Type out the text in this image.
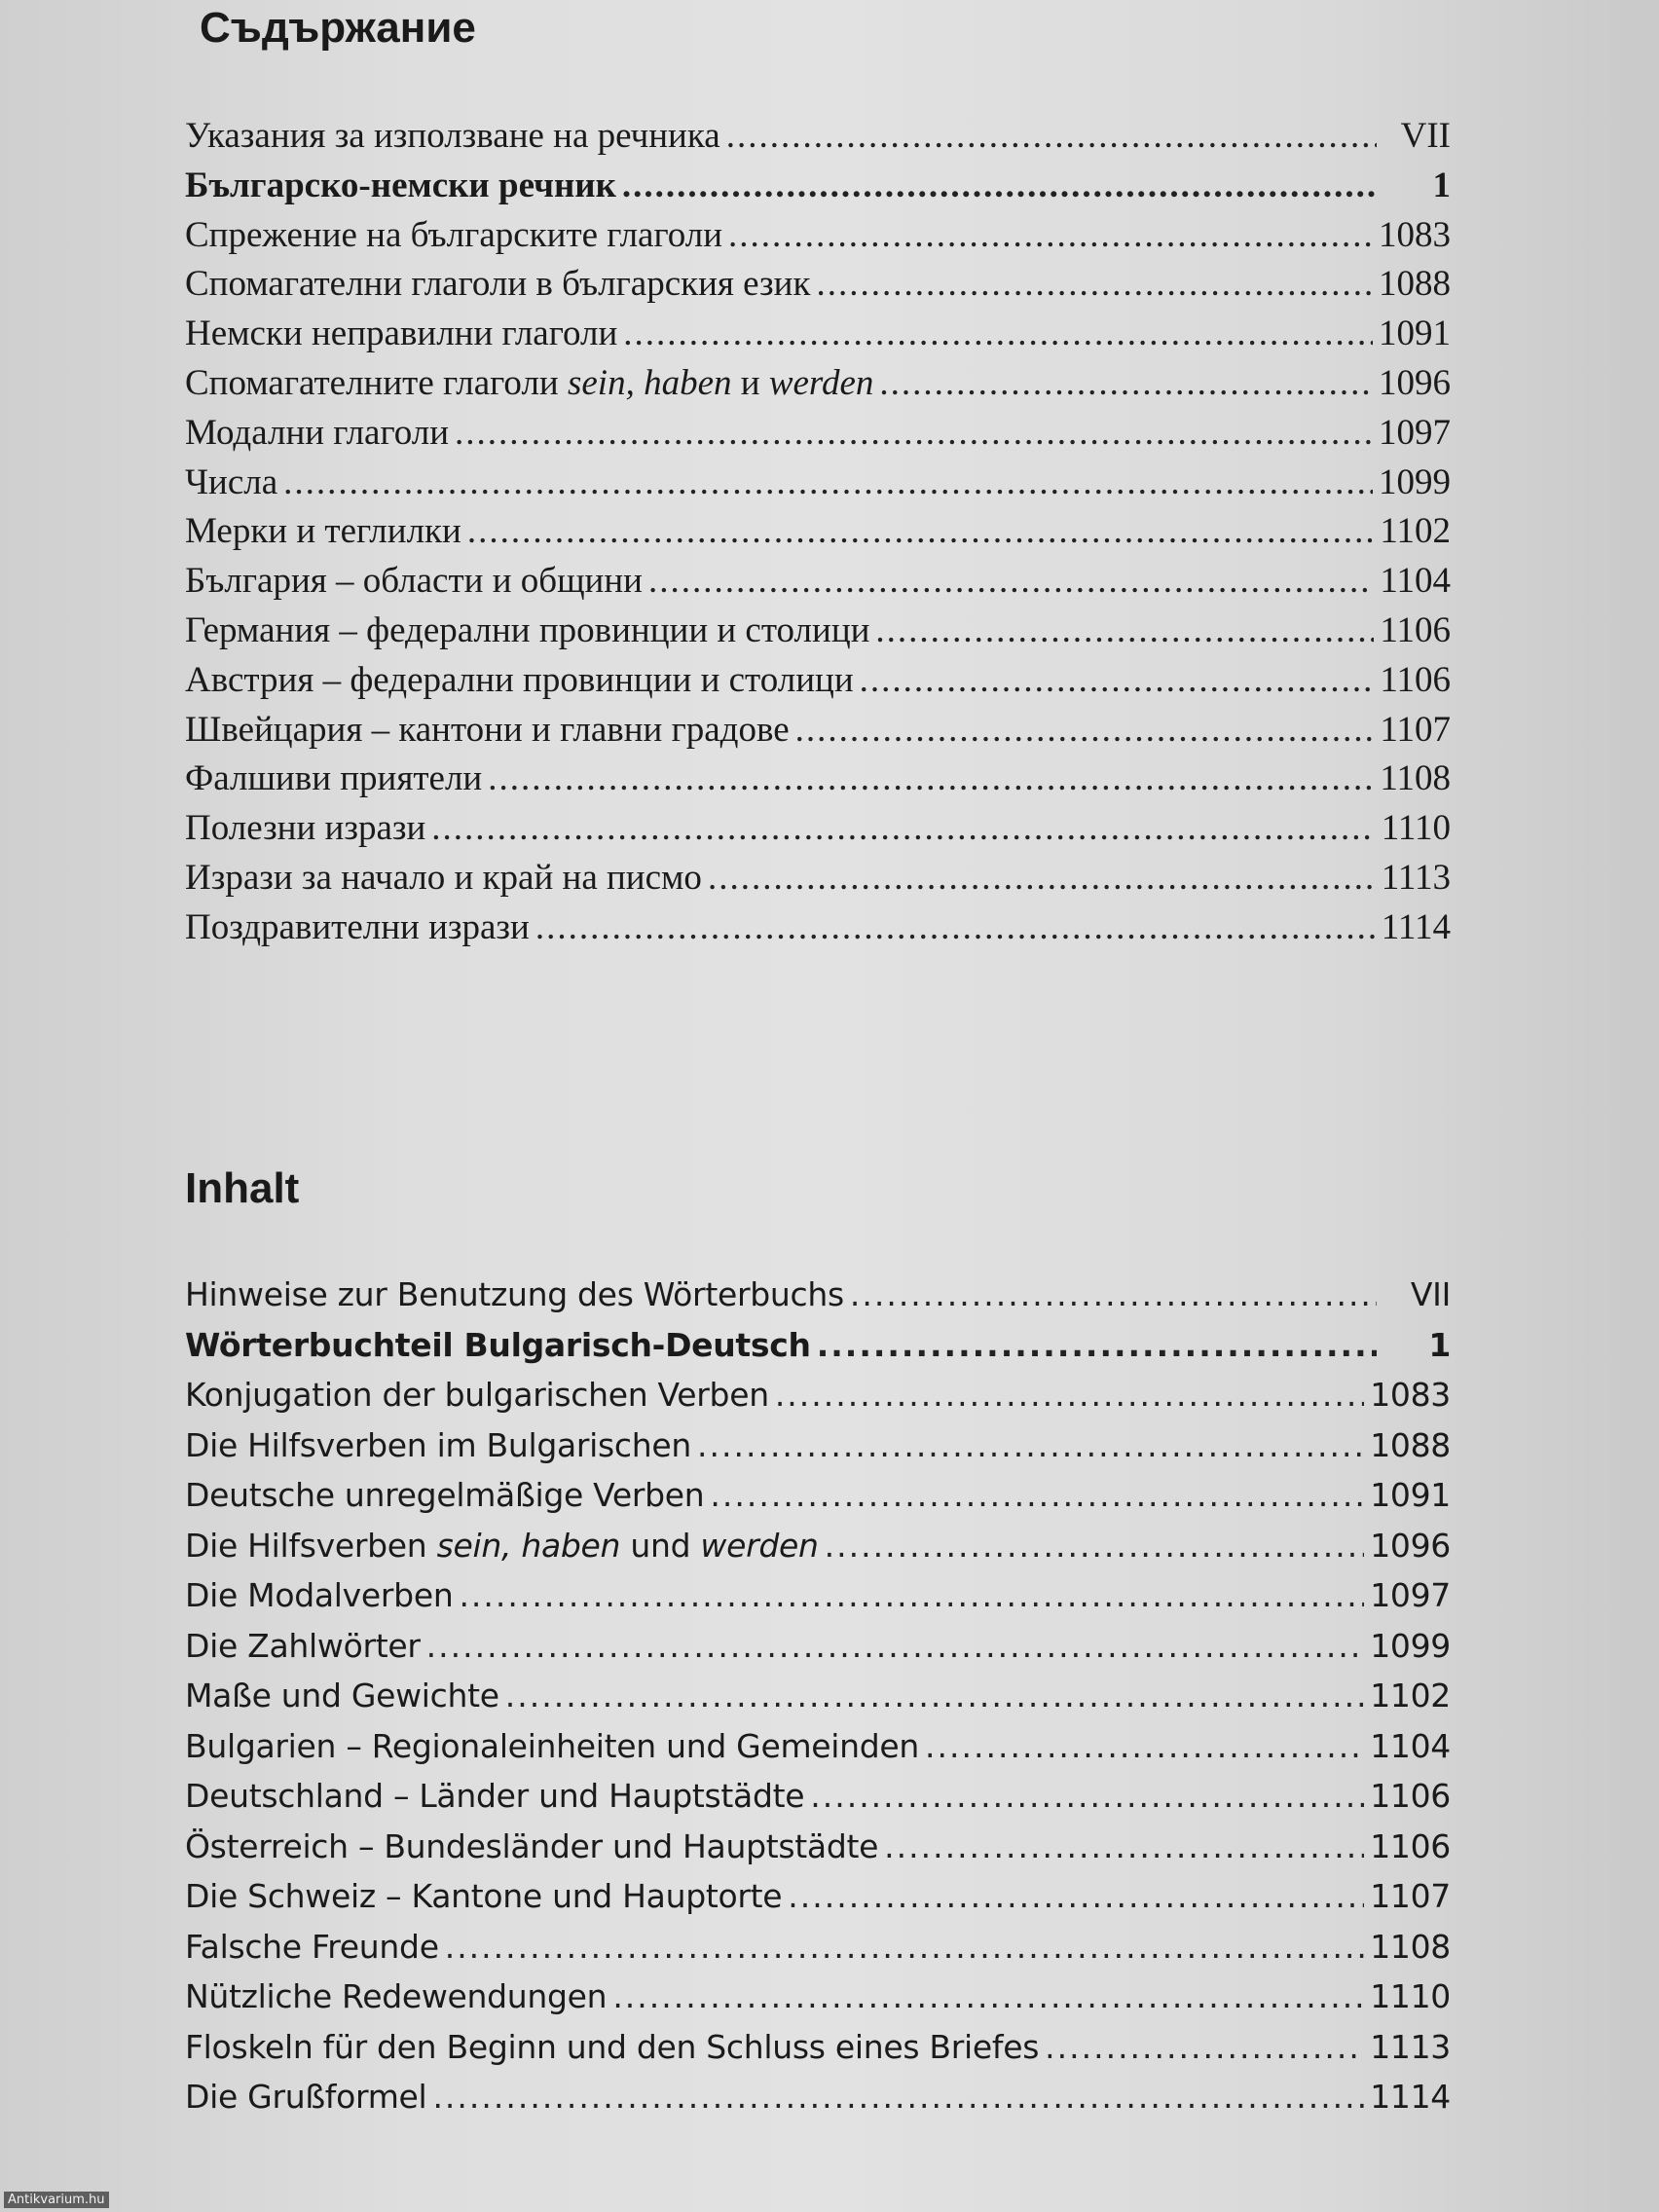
Съдържание
Указания за използване на речника .....	VII
Българско-немски речник .....	1
Спрежение на българските глаголи .....	1083
Спомагателни глаголи в българския език .....	1088
Немски неправилни глаголи .....	1091
Спомагателните глаголи sein, haben и werden .....	1096
Модални глаголи .....	1097
Числа .....	1099
Мерки и теглилки .....	1102
България – области и общини .....	1104
Германия – федерални провинции и столици .....	1106
Австрия – федерални провинции и столици .....	1106
Швейцария – кантони и главни градове .....	1107
Фалшиви приятели .....	1108
Полезни изрази .....	1110
Изрази за начало и край на писмо .....	1113
Поздравителни изрази .....	1114
Inhalt
Hinweise zur Benutzung des Wörterbuchs .....	VII
Wörterbuchteil Bulgarisch-Deutsch .....	1
Konjugation der bulgarischen Verben .....	1083
Die Hilfsverben im Bulgarischen .....	1088
Deutsche unregelmäßige Verben .....	1091
Die Hilfsverben sein, haben und werden .....	1096
Die Modalverben .....	1097
Die Zahlwörter .....	1099
Maße und Gewichte .....	1102
Bulgarien – Regionaleinheiten und Gemeinden .....	1104
Deutschland – Länder und Hauptstädte .....	1106
Österreich – Bundesländer und Hauptstädte .....	1106
Die Schweiz – Kantone und Hauptorte .....	1107
Falsche Freunde .....	1108
Nützliche Redewendungen .....	1110
Floskeln für den Beginn und den Schluss eines Briefes .....	1113
Die Grußformel .....	1114
Antikvarium.hu
